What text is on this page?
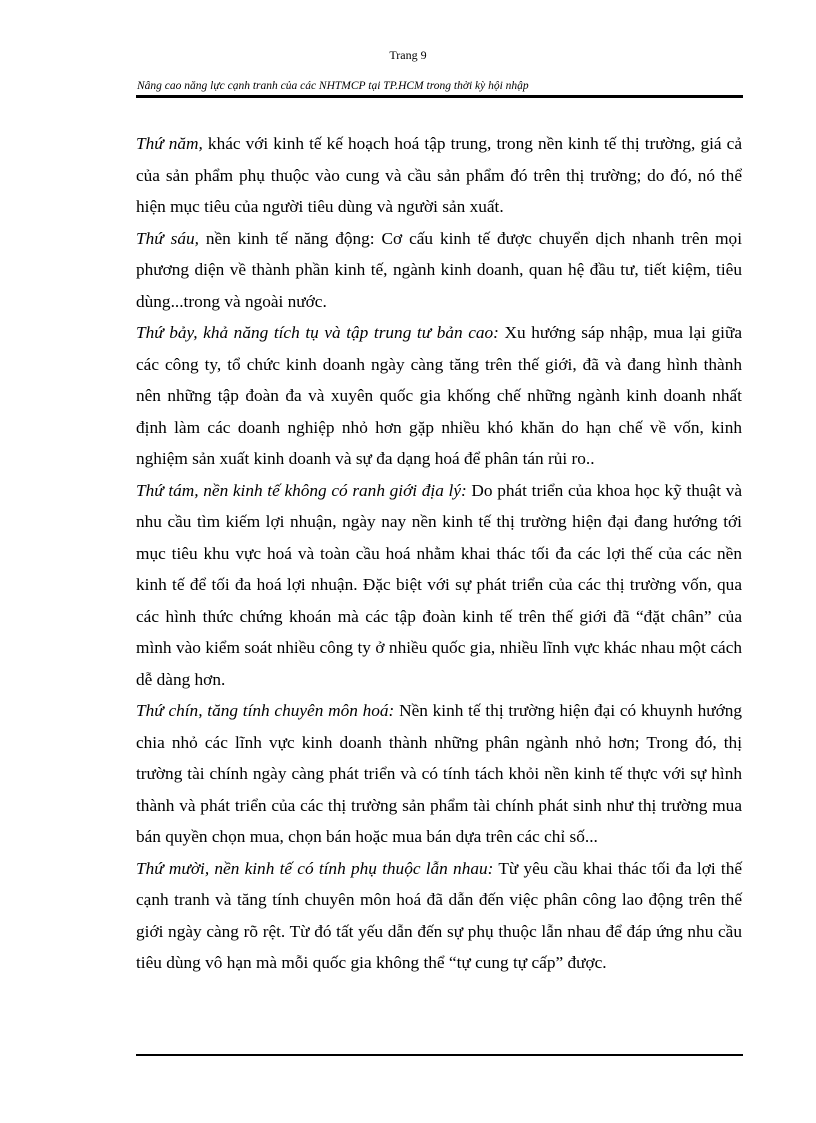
Trang 9
Nâng cao năng lực cạnh tranh của các NHTMCP tại TP.HCM trong thời kỳ hội nhập

Thứ năm, khác với kinh tế kế hoạch hoá tập trung, trong nền kinh tế thị trường, giá cả của sản phẩm phụ thuộc vào cung và cầu sản phẩm đó trên thị trường; do đó, nó thể hiện mục tiêu của người tiêu dùng và người sản xuất.

Thứ sáu, nền kinh tế năng động: Cơ cấu kinh tế được chuyển dịch nhanh trên mọi phương diện về thành phần kinh tế, ngành kinh doanh, quan hệ đầu tư, tiết kiệm, tiêu dùng...trong và ngoài nước.

Thứ bảy, khả năng tích tụ và tập trung tư bản cao: Xu hướng sáp nhập, mua lại giữa các công ty, tổ chức kinh doanh ngày càng tăng trên thế giới, đã và đang hình thành nên những tập đoàn đa và xuyên quốc gia khống chế những ngành kinh doanh nhất định làm các doanh nghiệp nhỏ hơn gặp nhiều khó khăn do hạn chế về vốn, kinh nghiệm sản xuất kinh doanh và sự đa dạng hoá để phân tán rủi ro..

Thứ tám, nền kinh tế không có ranh giới địa lý: Do phát triển của khoa học kỹ thuật và nhu cầu tìm kiếm lợi nhuận, ngày nay nền kinh tế thị trường hiện đại đang hướng tới mục tiêu khu vực hoá và toàn cầu hoá nhằm khai thác tối đa các lợi thế của các nền kinh tế để tối đa hoá lợi nhuận. Đặc biệt với sự phát triển của các thị trường vốn, qua các hình thức chứng khoán mà các tập đoàn kinh tế trên thế giới đã “đặt chân” của mình vào kiểm soát nhiều công ty ở nhiều quốc gia, nhiều lĩnh vực khác nhau một cách dễ dàng hơn.

Thứ chín, tăng tính chuyên môn hoá: Nền kinh tế thị trường hiện đại có khuynh hướng chia nhỏ các lĩnh vực kinh doanh thành những phân ngành nhỏ hơn; Trong đó, thị trường tài chính ngày càng phát triển và có tính tách khỏi nền kinh tế thực với sự hình thành và phát triển của các thị trường sản phẩm tài chính phát sinh như thị trường mua bán quyền chọn mua, chọn bán hoặc mua bán dựa trên các chỉ số...

Thứ mười, nền kinh tế có tính phụ thuộc lẫn nhau: Từ yêu cầu khai thác tối đa lợi thế cạnh tranh và tăng tính chuyên môn hoá đã dẫn đến việc phân công lao động trên thế giới ngày càng rõ rệt. Từ đó tất yếu dẫn đến sự phụ thuộc lẫn nhau để đáp ứng nhu cầu tiêu dùng vô hạn mà mỗi quốc gia không thể “tự cung tự cấp” được.
